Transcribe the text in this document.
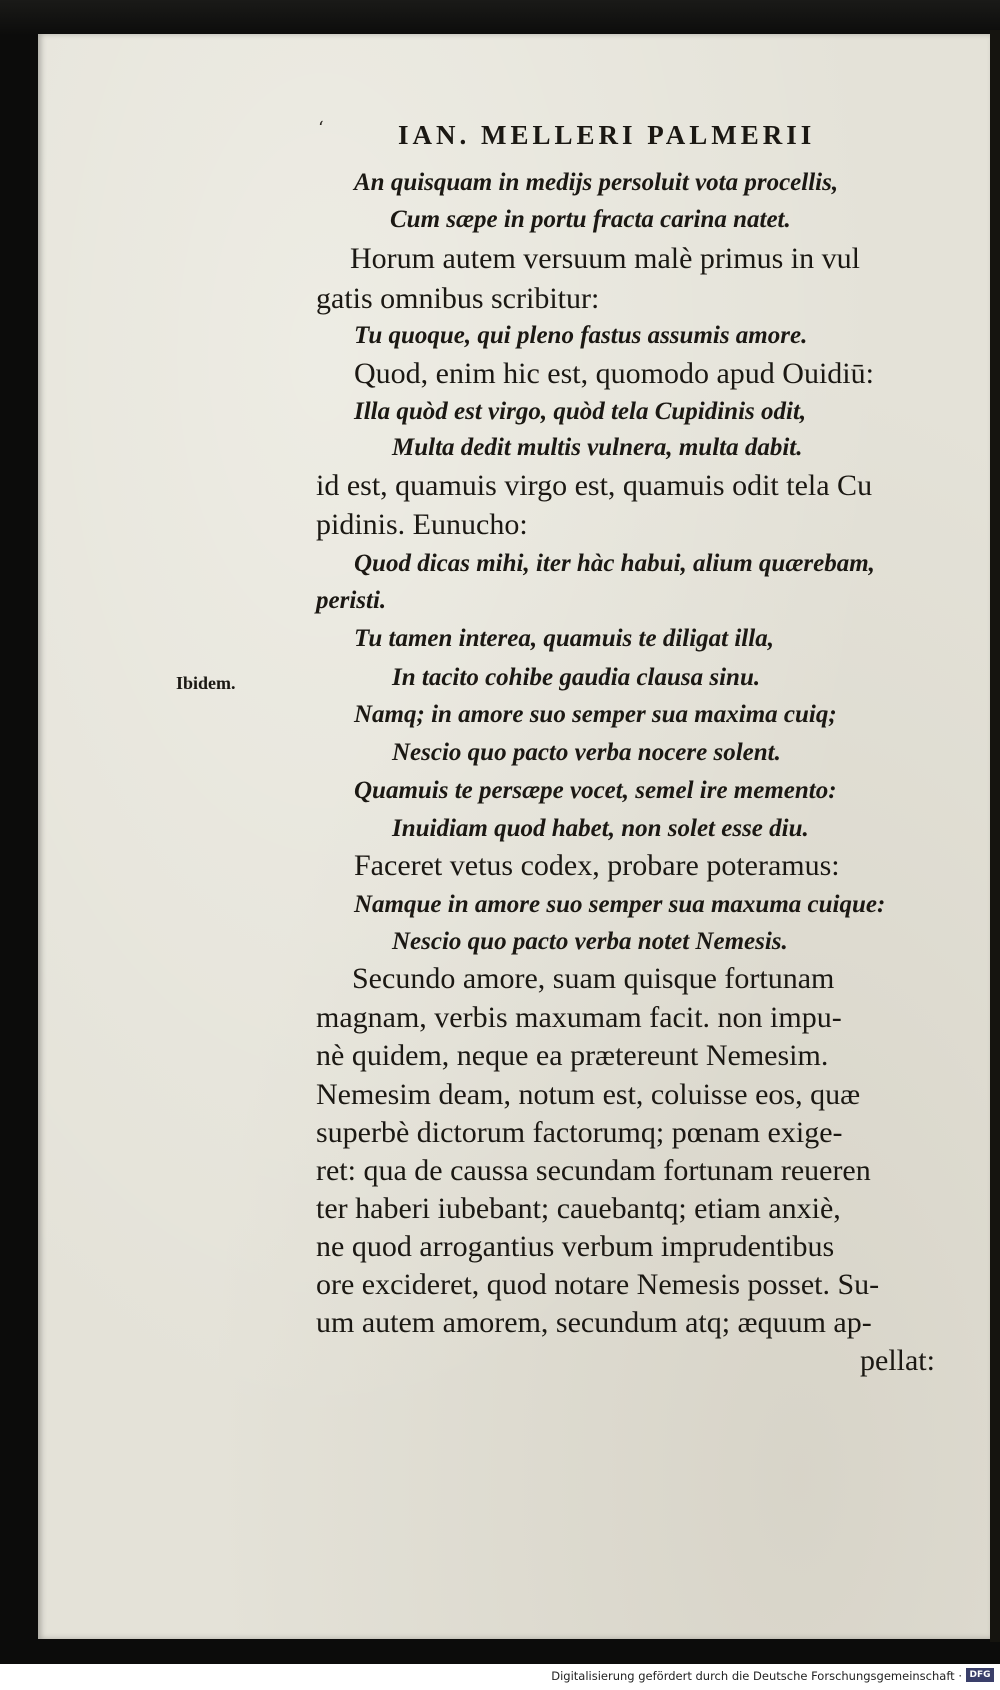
IAN. MELLERI PALMERII
‘
Ibidem.
An quisquam in medijs persoluit vota procellis,
Cum sæpe in portu fracta carina natet.
Horum autem versuum malè primus in vul
gatis omnibus scribitur:
Tu quoque, qui pleno fastus assumis amore.
Quod, enim hic est, quomodo apud Ouidiū:
Illa quòd est virgo, quòd tela Cupidinis odit,
Multa dedit multis vulnera, multa dabit.
id est, quamuis virgo est, quamuis odit tela Cu
pidinis. Eunucho:
Quod dicas mihi, iter hàc habui, alium quærebam,
peristi.
Tu tamen interea, quamuis te diligat illa,
In tacito cohibe gaudia clausa sinu.
Namq; in amore suo semper sua maxima cuiq;
Nescio quo pacto verba nocere solent.
Quamuis te persæpe vocet, semel ire memento:
Inuidiam quod habet, non solet esse diu.
Faceret vetus codex, probare poteramus:
Namque in amore suo semper sua maxuma cuique:
Nescio quo pacto verba notet Nemesis.
Secundo amore, suam quisque fortunam
magnam, verbis maxumam facit. non impu-
nè quidem, neque ea prætereunt Nemesim.
Nemesim deam, notum est, coluisse eos, quæ
superbè dictorum factorumq; pœnam exige-
ret: qua de caussa secundam fortunam reueren
ter haberi iubebant; cauebantq; etiam anxiè,
ne quod arrogantius verbum imprudentibus
ore excideret, quod notare Nemesis posset. Su-
um autem amorem, secundum atq; æquum ap-
pellat:
Digitalisierung gefördert durch die Deutsche Forschungsgemeinschaft · DFG
